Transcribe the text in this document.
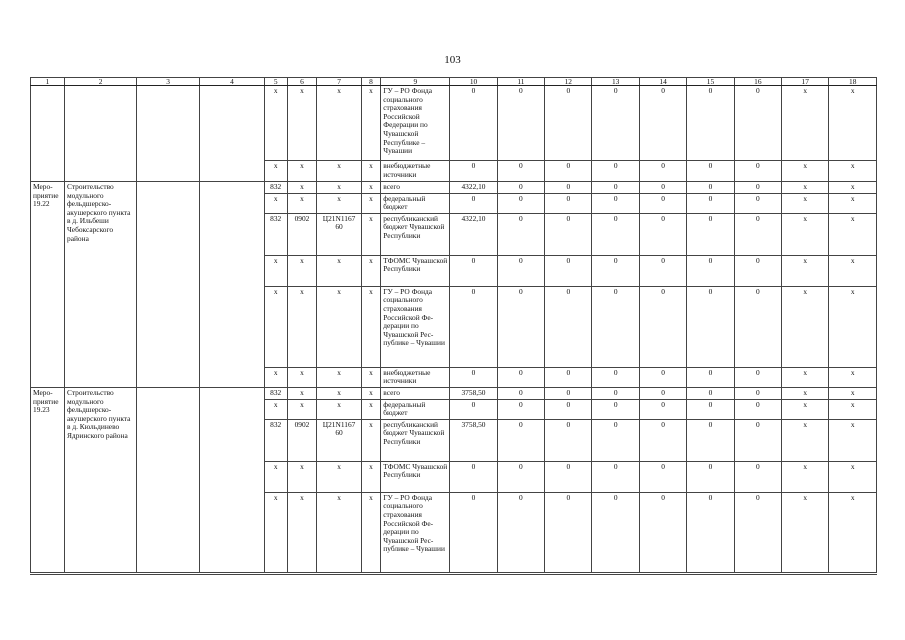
103
1	2	3	4	5	6	7	8	9	10	11	12	13	14	15	16	17	18
				x	x	x	x	ГУ – РО Фонда социального страхования Российской Федерации по Чувашской Республике – Чувашии	0	0	0	0	0	0	0	x	x
				x	x	x	x	внебюджетные источники	0	0	0	0	0	0	0	x	x
Мероприятие 19.22	Строительство модульного фельдшерско-акушерского пункта в д. Ильбеши Чебоксарского района			832	x	x	x	всего	4322,10	0	0	0	0	0	0	x	x
				x	x	x	x	федеральный бюджет	0	0	0	0	0	0	0	x	x
				832	0902	Ц21N1167 60	x	республиканский бюджет Чувашской Республики	4322,10	0	0	0	0	0	0	x	x
				x	x	x	x	ТФОМС Чувашской Республики	0	0	0	0	0	0	0	x	x
				x	x	x	x	ГУ – РО Фонда социального страхования Российской Федерации по Чувашской Республике – Чувашии	0	0	0	0	0	0	0	x	x
				x	x	x	x	внебюджетные источники	0	0	0	0	0	0	0	x	x
Мероприятие 19.23	Строительство модульного фельдшерско-акушерского пункта в д. Кюльдинево Ядринского района			832	x	x	x	всего	3758,50	0	0	0	0	0	0	x	x
				x	x	x	x	федеральный бюджет	0	0	0	0	0	0	0	x	x
				832	0902	Ц21N1167 60	x	республиканский бюджет Чувашской Республики	3758,50	0	0	0	0	0	0	x	x
				x	x	x	x	ТФОМС Чувашской Республики	0	0	0	0	0	0	0	x	x
				x	x	x	x	ГУ – РО Фонда социального страхования Российской Федерации по Чувашской Республике – Чувашии	0	0	0	0	0	0	0	x	x
